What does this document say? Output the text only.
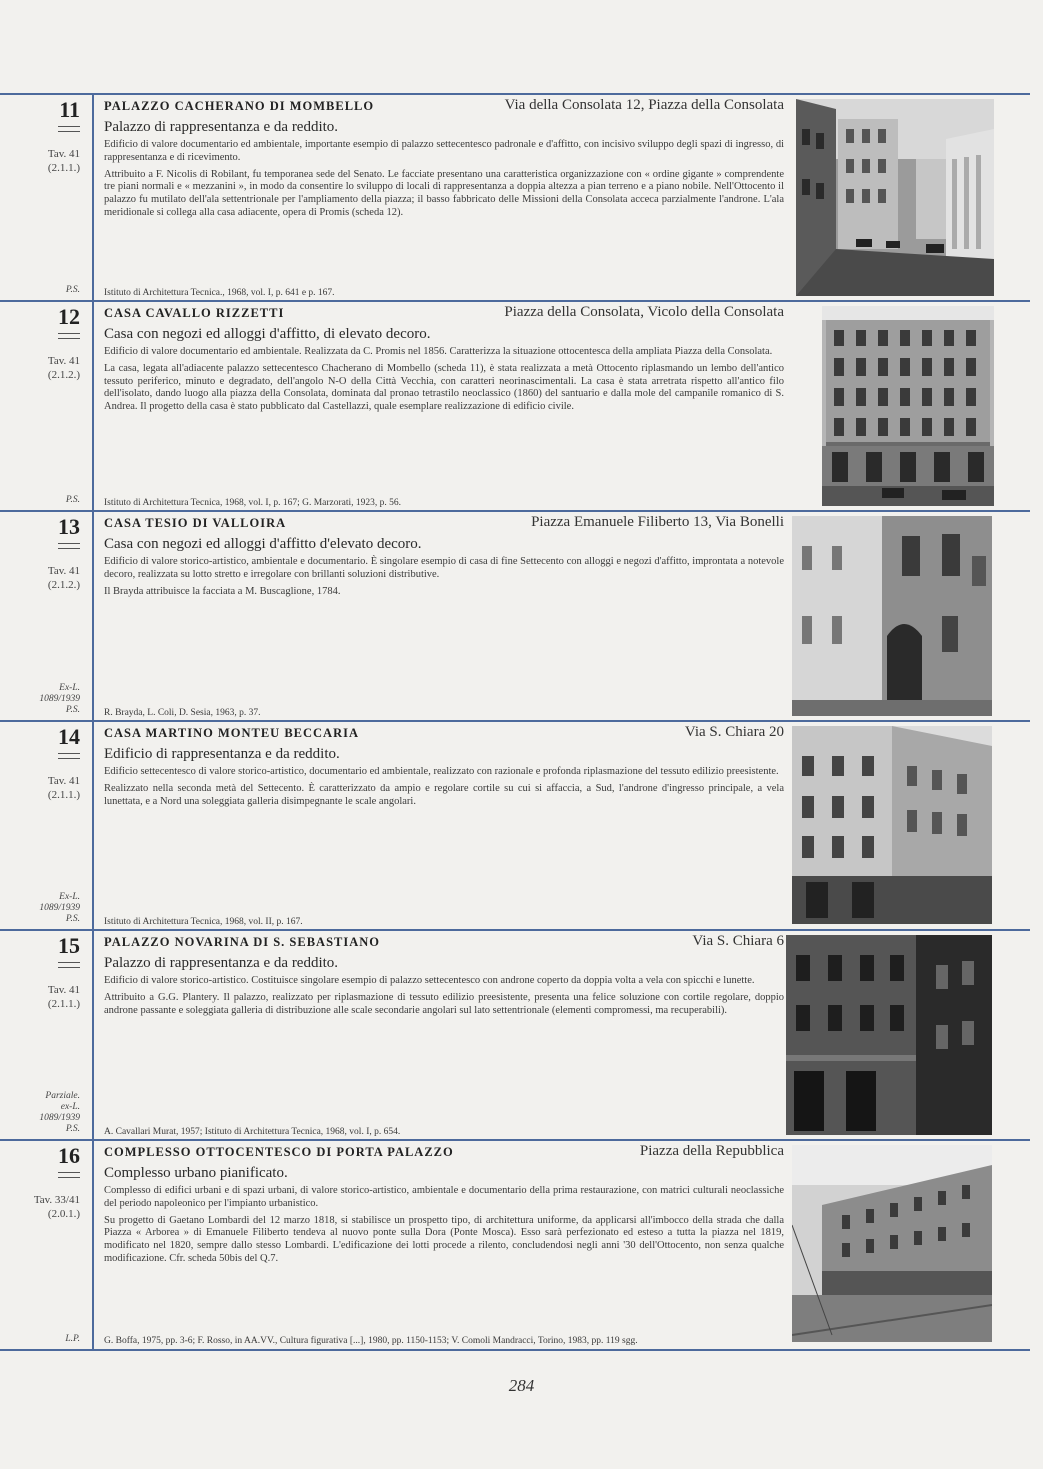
11
Tav. 41
(2.1.1.)
P.S.
PALAZZO CACHERANO DI MOMBELLO	Via della Consolata 12, Piazza della Consolata
Palazzo di rappresentanza e da reddito.

Edificio di valore documentario ed ambientale, importante esempio di palazzo settecentesco padronale e d'affitto, con incisivo sviluppo degli spazi di ingresso, di rappresentanza e di ricevimento.

Attribuito a F. Nicolis di Robilant, fu temporanea sede del Senato. Le facciate presentano una caratteristica organizzazione con « ordine gigante » comprendente tre piani normali e « mezzanini », in modo da consentire lo sviluppo di locali di rappresentanza a doppia altezza a pian terreno e a piano nobile. Nell'Ottocento il palazzo fu mutilato dell'ala settentrionale per l'ampliamento della piazza; il basso fabbricato delle Missioni della Consolata acceca parzialmente l'androne. L'ala meridionale si collega alla casa adiacente, opera di Promis (scheda 12).

Istituto di Architettura Tecnica., 1968, vol. I, p. 641 e p. 167.
12
Tav. 41
(2.1.2.)
P.S.
CASA CAVALLO RIZZETTI	Piazza della Consolata, Vicolo della Consolata
Casa con negozi ed alloggi d'affitto, di elevato decoro.

Edificio di valore documentario ed ambientale. Realizzata da C. Promis nel 1856. Caratterizza la situazione ottocentesca della ampliata Piazza della Consolata.

La casa, legata all'adiacente palazzo settecentesco Chacherano di Mombello (scheda 11), è stata realizzata a metà Ottocento riplasmando un lembo dell'antico tessuto periferico, minuto e degradato, dell'angolo N-O della Città Vecchia, con caratteri neorinascimentali. La casa è stata arretrata rispetto all'antico filo dell'isolato, dando luogo alla piazza della Consolata, dominata dal pronao tetrastilo neoclassico (1860) del santuario e dalla mole del campanile romanico di S. Andrea. Il progetto della casa è stato pubblicato dal Castellazzi, quale esemplare realizzazione di edificio civile.

Istituto di Architettura Tecnica, 1968, vol. I, p. 167; G. Marzorati, 1923, p. 56.
13
Tav. 41
(2.1.2.)
Ex-L.
1089/1939
P.S.
CASA TESIO DI VALLOIRA	Piazza Emanuele Filiberto 13, Via Bonelli
Casa con negozi ed alloggi d'affitto d'elevato decoro.

Edificio di valore storico-artistico, ambientale e documentario. È singolare esempio di casa di fine Settecento con alloggi e negozi d'affitto, improntata a notevole decoro, realizzata su lotto stretto e irregolare con brillanti soluzioni distributive.

Il Brayda attribuisce la facciata a M. Buscaglione, 1784.

R. Brayda, L. Coli, D. Sesia, 1963, p. 37.
14
Tav. 41
(2.1.1.)
Ex-L.
1089/1939
P.S.
CASA MARTINO MONTEU BECCARIA	Via S. Chiara 20
Edificio di rappresentanza e da reddito.

Edificio settecentesco di valore storico-artistico, documentario ed ambientale, realizzato con razionale e profonda riplasmazione del tessuto edilizio preesistente.

Realizzato nella seconda metà del Settecento. È caratterizzato da ampio e regolare cortile su cui si affaccia, a Sud, l'androne d'ingresso principale, a vela lunettata, e a Nord una soleggiata galleria disimpegnante le scale angolari.

Istituto di Architettura Tecnica, 1968, vol. II, p. 167.
15
Tav. 41
(2.1.1.)
Parziale.
ex-L.
1089/1939
P.S.
PALAZZO NOVARINA DI S. SEBASTIANO	Via S. Chiara 6
Palazzo di rappresentanza e da reddito.

Edificio di valore storico-artistico. Costituisce singolare esempio di palazzo settecentesco con androne coperto da doppia volta a vela con spicchi e lunette.

Attribuito a G.G. Plantery. Il palazzo, realizzato per riplasmazione di tessuto edilizio preesistente, presenta una felice soluzione con cortile regolare, doppio androne passante e soleggiata galleria di distribuzione alle scale secondarie angolari sul lato settentrionale (elementi compromessi, ma recuperabili).

A. Cavallari Murat, 1957; Istituto di Architettura Tecnica, 1968, vol. I, p. 654.
16
Tav. 33/41
(2.0.1.)
L.P.
COMPLESSO OTTOCENTESCO DI PORTA PALAZZO	Piazza della Repubblica
Complesso urbano pianificato.

Complesso di edifici urbani e di spazi urbani, di valore storico-artistico, ambientale e documentario della prima restaurazione, con matrici culturali neoclassiche del periodo napoleonico per l'impianto urbanistico.

Su progetto di Gaetano Lombardi del 12 marzo 1818, si stabilisce un prospetto tipo, di architettura uniforme, da applicarsi all'imbocco della strada che dalla Piazza « Arborea » di Emanuele Filiberto tendeva al nuovo ponte sulla Dora (Ponte Mosca). Esso sarà perfezionato ed esteso a tutta la piazza nel 1819, modificato nel 1820, sempre dallo stesso Lombardi. L'edificazione dei lotti procede a rilento, concludendosi negli anni '30 dell'Ottocento, non senza qualche modificazione. Cfr. scheda 50bis del Q.7.

G. Boffa, 1975, pp. 3-6; F. Rosso, in AA.VV., Cultura figurativa [...], 1980, pp. 1150-1153; V. Comoli Mandracci, Torino, 1983, pp. 119 sgg.
284
